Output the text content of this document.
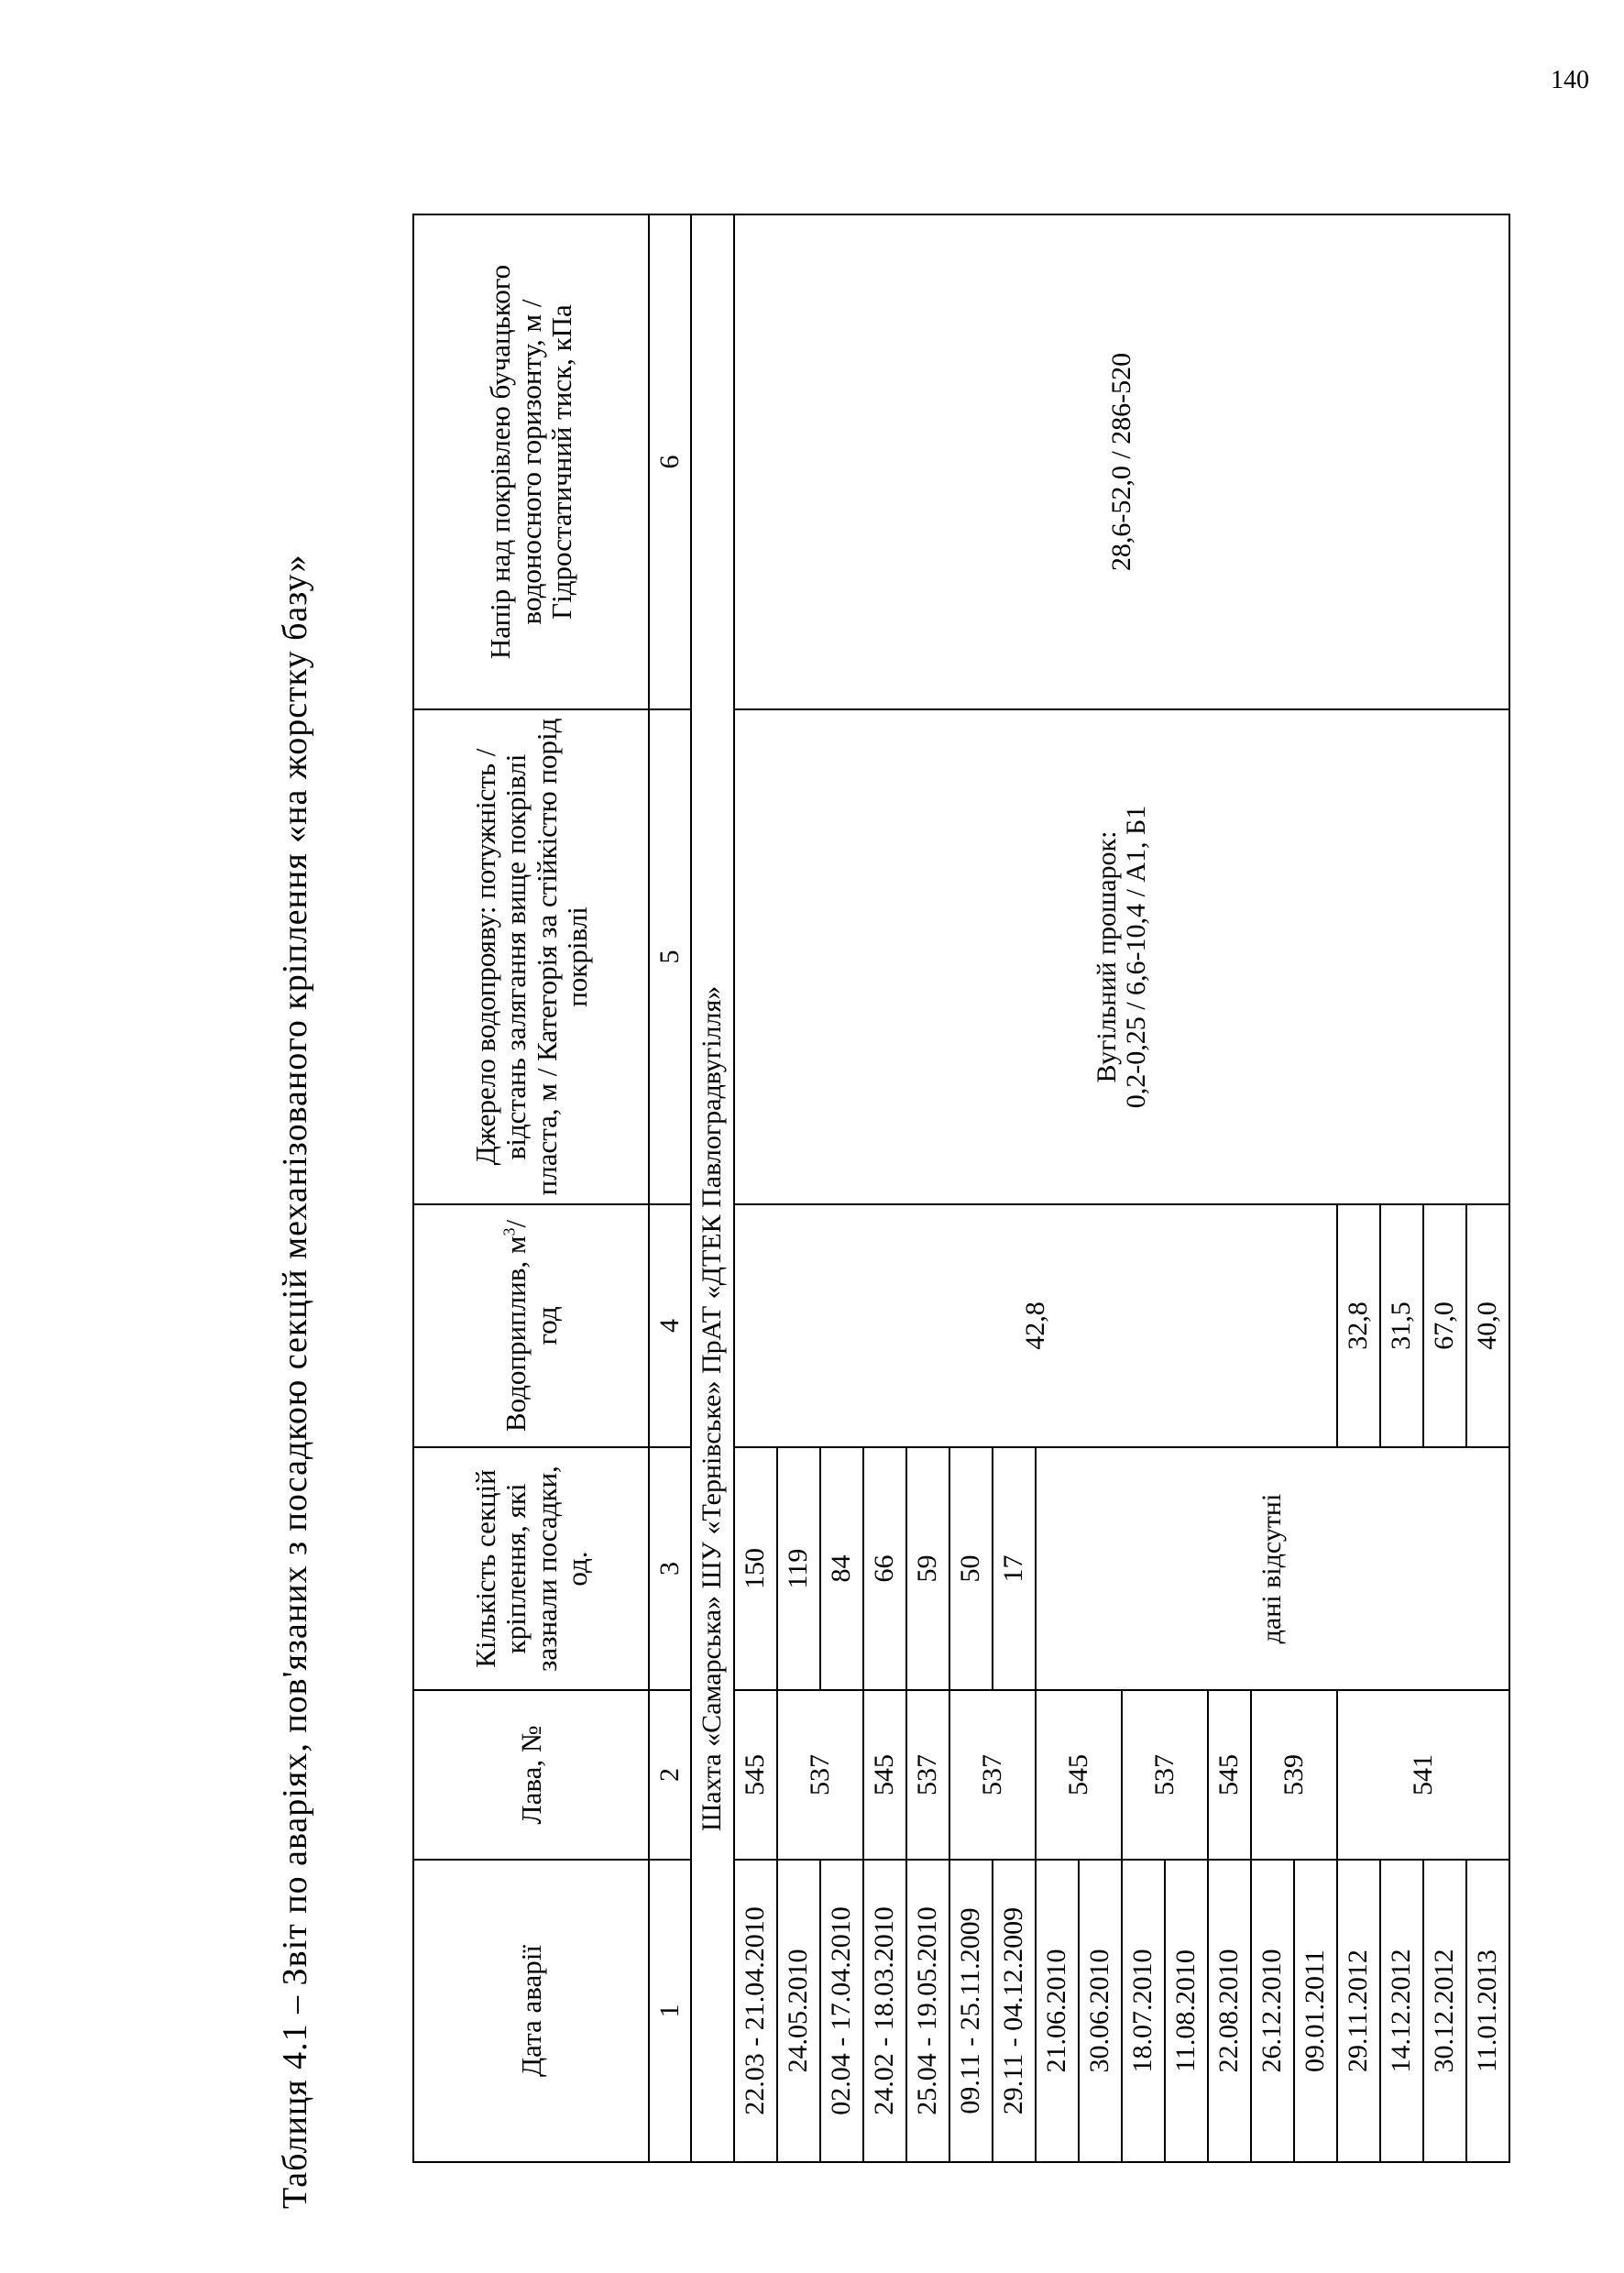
140
Таблиця 4.1 – Звіт по аваріях, пов'язаних з посадкою секцій механізованого кріплення «на жорстку базу»	Дата аварії	Лава, №	Кількість секцій кріплення, які зазнали посадки, од.	Водоприплив, $м^3$/год	Джерело водопрояву: потужність / відстань залягання вище покрівлі пласта, м / Категорія за стійкістю порід покрівлі	Напір над покрівлею бучацького водоносного горизонту, м / Гідростатичний тиск, кПа
1	2	3	4	5	6
Шахта «Самарська» ШУ «Тернівське» ПрАТ «ДТЕК Павлоградвугілля»					
22.03 - 21.04.2010	545	150	42,8	Вугільний прошарок: 0,2-0,25 / 6,6-10,4 / А1, Б1	28,6-52,0 / 286-520
24.05.2010	537	119			
02.04 - 17.04.2010		84			
24.02 - 18.03.2010	545	66			
25.04 - 19.05.2010	537	59			
09.11 - 25.11.2009	537	50			
29.11 - 04.12.2009		17			
21.06.2010	545	дані відсутні			
30.06.2010					
18.07.2010	537				
11.08.2010					
22.08.2010	545				
26.12.2010	539				
09.01.2011					
29.11.2012	541		32,8		
14.12.2012			31,5		
30.12.2012			67,0		
11.01.2013			40,0		
